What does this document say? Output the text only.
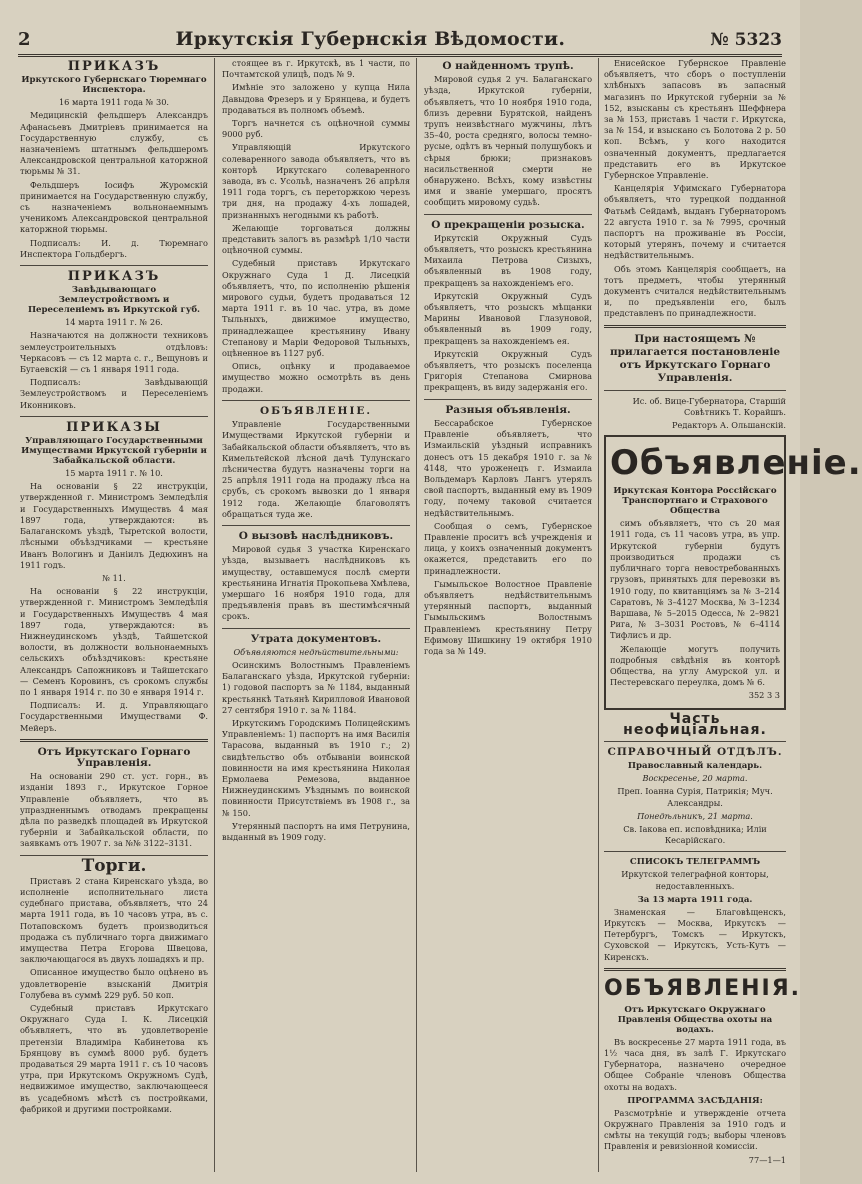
2	Иркутскія Губернскія Вѣдомости.	№ 5323
ПРИКАЗЪ
Иркутского Губернскаго Тюремнаго Инспектора.

16 марта 1911 года № 30.

Медицинскій фельдшеръ Александръ Афанасьевъ Дмитріевъ принимается на Государственную службу, съ назначеніемъ штатнымъ фельдшеромъ Александровской центральной каторжной тюрьмы № 31.

Фельдшеръ Іосифъ Журомскій принимается на Государственную службу, съ назначеніемъ вольнонаемнымъ ученикомъ Александровской центральной каторжной тюрьмы.

Подписалъ: И. д. Тюремнаго Инспектора Гольдбергъ.

ПРИКАЗЪ
Завѣдывающаго Землеустройствомъ и Переселеніемъ въ Иркутской губ.

14 марта 1911 г. № 26.

Назначаются на должности техниковъ землеустроительныхъ отдѣловъ: Черкасовъ — съ 12 марта с. г., Вещуновъ и Бугаевскій — съ 1 января 1911 года.

Подписалъ: Завѣдывающій Землеустройствомъ и Переселеніемъ Иконниковъ.

ПРИКАЗЫ
Управляющаго Государственными Имуществами Иркутской губерніи и Забайкальской области.

15 марта 1911 г. № 10.

На основаніи § 22 инструкціи, утвержденной г. Министромъ Земледѣлія и Государственныхъ Имуществъ 4 мая 1897 года, утверждаются: въ Балаганскомъ уѣздѣ, Тыретской волости, лѣсными объѣздчиками — крестьяне Иванъ Вологинъ и Даніилъ Дедюхинъ на 1911 годъ.

№ 11.

На основаніи § 22 инструкціи, утвержденной г. Министромъ Земледѣлія и Государственныхъ Имуществъ 4 мая 1897 года, утверждаются: въ Нижнеудинскомъ уѣздѣ, Тайшетской волости, въ должности вольнонаемныхъ сельскихъ объѣздчиковъ: крестьяне Александръ Сапожниковъ и Тайшетскаго — Семенъ Коровинъ, съ срокомъ службы по 1 января 1914 г. по 30 е января 1914 г.

Подписалъ: И. д. Управляющаго Государственными Имуществами Ф. Мейеръ.

Отъ Иркутскаго Горнаго Управленія.

На основаніи 290 ст. уст. горн., въ изданіи 1893 г., Иркутское Горное Управленіе объявляетъ, что въ упраздненнымъ отводамъ прекращены дѣла по разведкѣ площадей въ Иркутской губерніи и Забайкальской области, по заявкамъ отъ 1907 г. за №№ 3122–3131.

Торги.

Приставъ 2 стана Киренскаго уѣзда, во исполненіе исполнительнаго листа судебнаго пристава, объявляетъ, что 24 марта 1911 года, въ 10 часовъ утра, въ с. Потаповскомъ будетъ производиться продажа съ публичнаго торга движимаго имущества Петра Егорова Швецова, заключающагося въ двухъ лошадяхъ и пр.

Описанное имущество было оцѣнено въ удовлетвореніе взысканій Дмитрія Голубева въ суммѣ 229 руб. 50 коп.

Судебный приставъ Иркутскаго Окружнаго Суда І. К. Лисецкій объявляетъ, что въ удовлетвореніе претензіи Владиміра Кабинетова къ Брянцову въ суммѣ 8000 руб. будетъ продаваться 29 марта 1911 г. съ 10 часовъ утра, при Иркутскомъ Окружномъ Судѣ, недвижимое имущество, заключающееся въ усадебномъ мѣстѣ съ постройками, фабрикой и другими постройками.

стоящее въ г. Иркутскѣ, въ 1 части, по Почтамтской улицѣ, подъ № 9.

Имѣніе это заложено у купца Нила Давыдова Фрезеръ и у Брянцева, и будетъ продаваться въ полномъ объемѣ.

Торгъ начнется съ оцѣночной суммы 9000 руб.

Управляющій Иркутского солеваренного завода объявляетъ, что въ конторѣ Иркутскаго солеваренного завода, въ с. Усольѣ, назначенъ 26 апрѣля 1911 года торгъ, съ переторжкою черезъ три дня, на продажу 4-хъ лошадей, признанныхъ негодными къ работѣ.

Желающіе торговаться должны представить залогъ въ размѣрѣ 1/10 части оцѣночной суммы.

Судебный приставъ Иркутскаго Окружнаго Суда 1 Д. Лисецкій объявляетъ, что, по исполненію рѣшенія мирового судьи, будетъ продаваться 12 марта 1911 г. въ 10 час. утра, въ доме Тыльныхъ, движимое имущество, принадлежащее крестьянину Ивану Степанову и Маріи Федоровой Тыльныхъ, оцѣненное въ 1127 руб.

Опись, оцѣнку и продаваемое имущество можно осмотрѣть въ день продажи.

ОБЪЯВЛЕНІЕ.

Управленіе Государственными Имуществами Иркутской губерніи и Забайкальской области объявляетъ, что въ Кимельтейской лѣсной дачѣ Тулунскаго лѣсничества будутъ назначены торги на 25 апрѣля 1911 года на продажу лѣса на срубъ, съ срокомъ вывозки до 1 января 1912 года. Желающіе благоволятъ обращаться туда же.

О вызовѣ наслѣдниковъ.

Мировой судья 3 участка Киренскаго уѣзда, вызываетъ наслѣдниковъ къ имуществу, оставшемуся послѣ смерти крестьянина Игнатія Прокопьева Хмѣлева, умершаго 16 ноября 1910 года, для предъявленія правъ въ шестимѣсячный срокъ.

Утрата документовъ.

Объявляются недѣйствительными:

Осинскимъ Волостнымъ Правленіемъ Балаганскаго уѣзда, Иркутской губерніи: 1) годовой паспортъ за № 1184, выданный крестьянкѣ Татьянѣ Кирилловой Ивановой 27 сентября 1910 г. за № 1184.

Иркутскимъ Городскимъ Полицейскимъ Управленіемъ: 1) паспортъ на имя Василія Тарасова, выданный въ 1910 г.; 2) свидѣтельство объ отбываніи воинской повинности на имя крестьянина Николая Ермолаева Ремезова, выданное Нижнеудинскимъ Уѣзднымъ по воинской повинности Присутствіемъ въ 1908 г., за № 150.

Утерянный паспортъ на имя Петрунина, выданный въ 1909 году.

О найденномъ трупѣ.

Мировой судья 2 уч. Балаганскаго уѣзда, Иркутской губерніи, объявляетъ, что 10 ноября 1910 года, близъ деревни Бурятской, найденъ трупъ неизвѣстнаго мужчины, лѣтъ 35–40, роста средняго, волосы темно-русые, одѣтъ въ черный полушубокъ и сѣрыя брюки; признаковъ насильственной смерти не обнаружено. Всѣхъ, кому извѣстны имя и званіе умершаго, просятъ сообщить мировому судьѣ.

О прекращеніи розыска.

Иркутскій Окружный Судъ объявляетъ, что розыскъ крестьянина Михаила Петрова Сизыхъ, объявленный въ 1908 году, прекращенъ за нахожденіемъ его.

Иркутскій Окружный Судъ объявляетъ, что розыскъ мѣщанки Марины Ивановой Глазуновой, объявленный въ 1909 году, прекращенъ за нахожденіемъ ея.

Иркутскій Окружный Судъ объявляетъ, что розыскъ поселенца Григорія Степанова Смирнова прекращенъ, въ виду задержанія его.

Разныя объявленія.

Бессарабское Губернское Правленіе объявляетъ, что Измаильскій уѣздный исправникъ донесъ отъ 15 декабря 1910 г. за № 4148, что уроженецъ г. Измаила Вольдемаръ Карловъ Лангъ утерялъ свой паспортъ, выданный ему въ 1909 году, почему таковой считается недѣйствительнымъ.

Сообщая о семъ, Губернское Правленіе проситъ всѣ учрежденія и лица, у коихъ означенный документъ окажется, представить его по принадлежности.

Гымыльское Волостное Правленіе объявляетъ недѣйствительнымъ утерянный паспортъ, выданный Гымыльскимъ Волостнымъ Правленіемъ крестьянину Петру Ефимову Шишкину 19 октября 1910 года за № 149.

Енисейское Губернское Правленіе объявляетъ, что сборъ о поступленіи хлѣбныхъ запасовъ въ запасный магазинъ по Иркутской губерніи за № 152, взысканы съ крестьянъ Шеффнера за № 153, приставъ 1 части г. Иркутска, за № 154, и взыскано съ Болотова 2 р. 50 коп. Всѣмъ, у кого находится означенный документъ, предлагается представить его въ Иркутское Губернское Управленіе.

Канцелярія Уфимскаго Губернатора объявляетъ, что турецкой подданной Фатьмѣ Сейдамѣ, выданъ Губернаторомъ 22 августа 1910 г. за № 7995, срочный паспортъ на проживаніе въ Россіи, который утерянъ, почему и считается недѣйствительнымъ.

Объ этомъ Канцелярія сообщаетъ, на тотъ предметъ, чтобы утерянный документъ считался недѣйствительнымъ и, по предъявленіи его, былъ представленъ по принадлежности.

При настоящемъ № прилагается постановленіе отъ Иркутскаго Горнаго Управленія.

Ис. об. Вице-Губернатора, Старшій Совѣтникъ Т. Корайшъ.

Редакторъ А. Ольшанскій.

Объявленіе.
Иркутская Контора Россійскаго Транспортнаго и Страхового Общества

симъ объявляетъ, что съ 20 мая 1911 года, съ 11 часовъ утра, въ упр. Иркутской губерніи будутъ производиться продажи съ публичнаго торга невостребованныхъ грузовъ, принятыхъ для перевозки въ 1910 году, по квитанціямъ за № 3–214 Саратовъ, № 3–4127 Москва, № 3–1234 Варшава, № 5–2015 Одесса, № 2–9821 Рига, № 3–3031 Ростовъ, № 6–4114 Тифлисъ и др.

Желающіе могутъ получить подробныя свѣдѣнія въ конторѣ Общества, на углу Амурской ул. и Пестеревскаго переулка, домъ № 6.

352 3 3

Часть неофиціальная.
СПРАВОЧНЫЙ ОТДѢЛЪ.
Православный календарь.

Воскресенье, 20 марта.

Преп. Іоанна Сурія, Патрикія; Муч. Александры.

Понедѣльникъ, 21 марта.

Св. Іакова еп. исповѣдника; Иліи Кесарійскаго.

СПИСОКЪ ТЕЛЕГРАММЪ

Иркутской телеграфной конторы, недоставленныхъ.

За 13 марта 1911 года.

Знаменская — Благовѣщенскъ, Иркутскъ — Москва, Иркутскъ — Петербургъ, Томскъ — Иркутскъ, Суховской — Иркутскъ, Усть-Кутъ — Киренскъ.

ОБЪЯВЛЕНІЯ.
Отъ Иркутскаго Окружнаго Правленія Общества охоты на водахъ.

Въ воскресенье 27 марта 1911 года, въ 1½ часа дня, въ залѣ Г. Иркутскаго Губернатора, назначено очередное Общее Собраніе членовъ Общества охоты на водахъ.

ПРОГРАММА ЗАСѢДАНІЯ:

Разсмотрѣніе и утвержденіе отчета Окружнаго Правленія за 1910 годъ и смѣты на текущій годъ; выборы членовъ Правленія и ревизіонной комиссіи.

77—1—1
